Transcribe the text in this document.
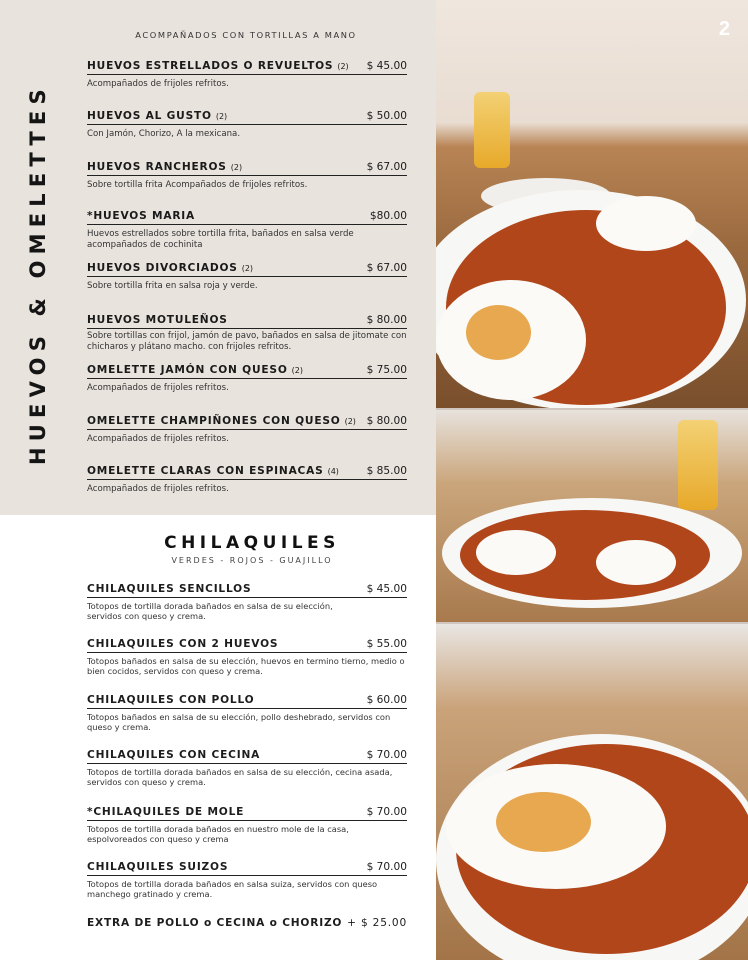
HUEVOS & OMELETTES
ACOMPAÑADOS CON TORTILLAS A MANO
HUEVOS ESTRELLADOS O REVUELTOS (2) $ 45.00
Acompañados de frijoles refritos.
HUEVOS AL GUSTO (2)	$ 50.00
Con Jamón, Chorizo, A la mexicana.
HUEVOS RANCHEROS (2)	$ 67.00
Sobre tortilla frita Acompañados de frijoles refritos.
*HUEVOS MARIA	$80.00
Huevos estrellados sobre tortilla frita, bañados en salsa verde acompañados de cochinita
HUEVOS DIVORCIADOS (2)	$ 67.00
Sobre tortilla frita en salsa roja y verde.
HUEVOS MOTULEÑOS	$ 80.00
Sobre tortillas con frijol, jamón de pavo, bañados en salsa de jitomate con chicharos y plátano macho. con frijoles refritos.
OMELETTE JAMÓN CON QUESO (2)	$ 75.00
Acompañados de frijoles refritos.
OMELETTE CHAMPIÑONES CON QUESO (2) $ 80.00
Acompañados de frijoles refritos.
OMELETTE CLARAS CON ESPINACAS (4)	$ 85.00
Acompañados de frijoles refritos.
CHILAQUILES
VERDES - ROJOS - GUAJILLO
CHILAQUILES SENCILLOS	$ 45.00
Totopos de tortilla dorada bañados en salsa de su elección, servidos con queso y crema.
CHILAQUILES CON 2 HUEVOS	$ 55.00
Totopos bañados en salsa de su elección, huevos en termino tierno, medio o bien cocidos, servidos con queso y crema.
CHILAQUILES CON POLLO	$ 60.00
Totopos bañados en salsa de su elección, pollo deshebrado, servidos con queso y crema.
CHILAQUILES CON CECINA	$ 70.00
Totopos de tortilla dorada bañados en salsa de su elección, cecina asada, servidos con queso y crema.
*CHILAQUILES DE MOLE	$ 70.00
Totopos de tortilla dorada bañados en nuestro mole de la casa, espolvoreados con queso y crema
CHILAQUILES SUIZOS	$ 70.00
Totopos de tortilla dorada bañados en salsa suiza, servidos con queso manchego gratinado y crema.
EXTRA DE POLLO o CECINA o CHORIZO + $ 25.00
2
